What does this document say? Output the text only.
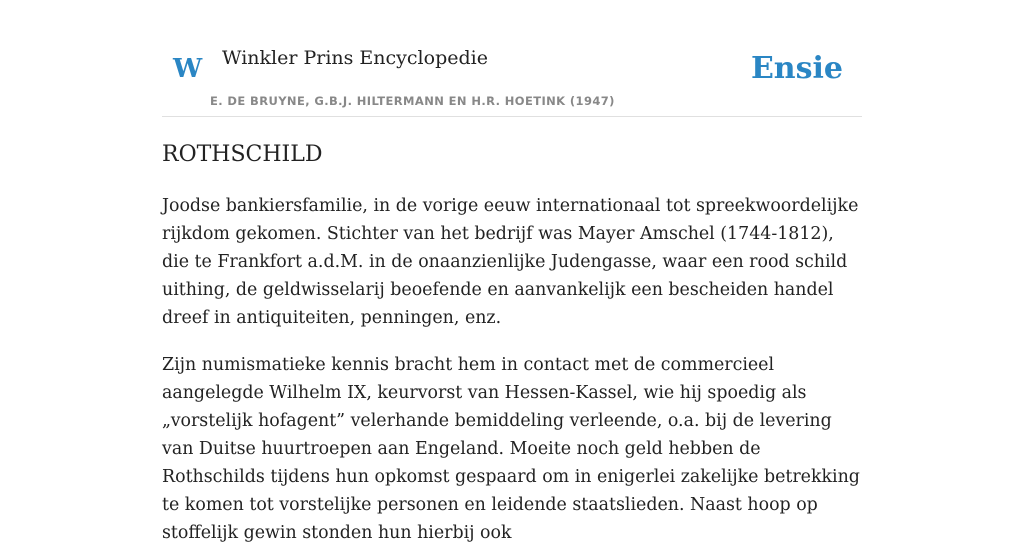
W Winkler Prins Encyclopedie
E. DE BRUYNE, G.B.J. HILTERMANN EN H.R. HOETINK (1947)
Ensie
ROTHSCHILD

Joodse bankiersfamilie, in de vorige eeuw internationaal tot spreekwoordelijke rijkdom gekomen. Stichter van het bedrijf was Mayer Amschel (1744-1812), die te Frankfort a.d.M. in de onaanzienlijke Judengasse, waar een rood schild uithing, de geldwisselarij beoefende en aanvankelijk een bescheiden handel dreef in antiquiteiten, penningen, enz.

Zijn numismatieke kennis bracht hem in contact met de commercieel aangelegde Wilhelm IX, keurvorst van Hessen-Kassel, wie hij spoedig als „vorstelijk hofagent” velerhande bemiddeling verleende, o.a. bij de levering van Duitse huurtroepen aan Engeland. Moeite noch geld hebben de Rothschilds tijdens hun opkomst gespaard om in enigerlei zakelijke betrekking te komen tot vorstelijke personen en leidende staatslieden. Naast hoop op stoffelijk gewin stonden hun hierbij ook
